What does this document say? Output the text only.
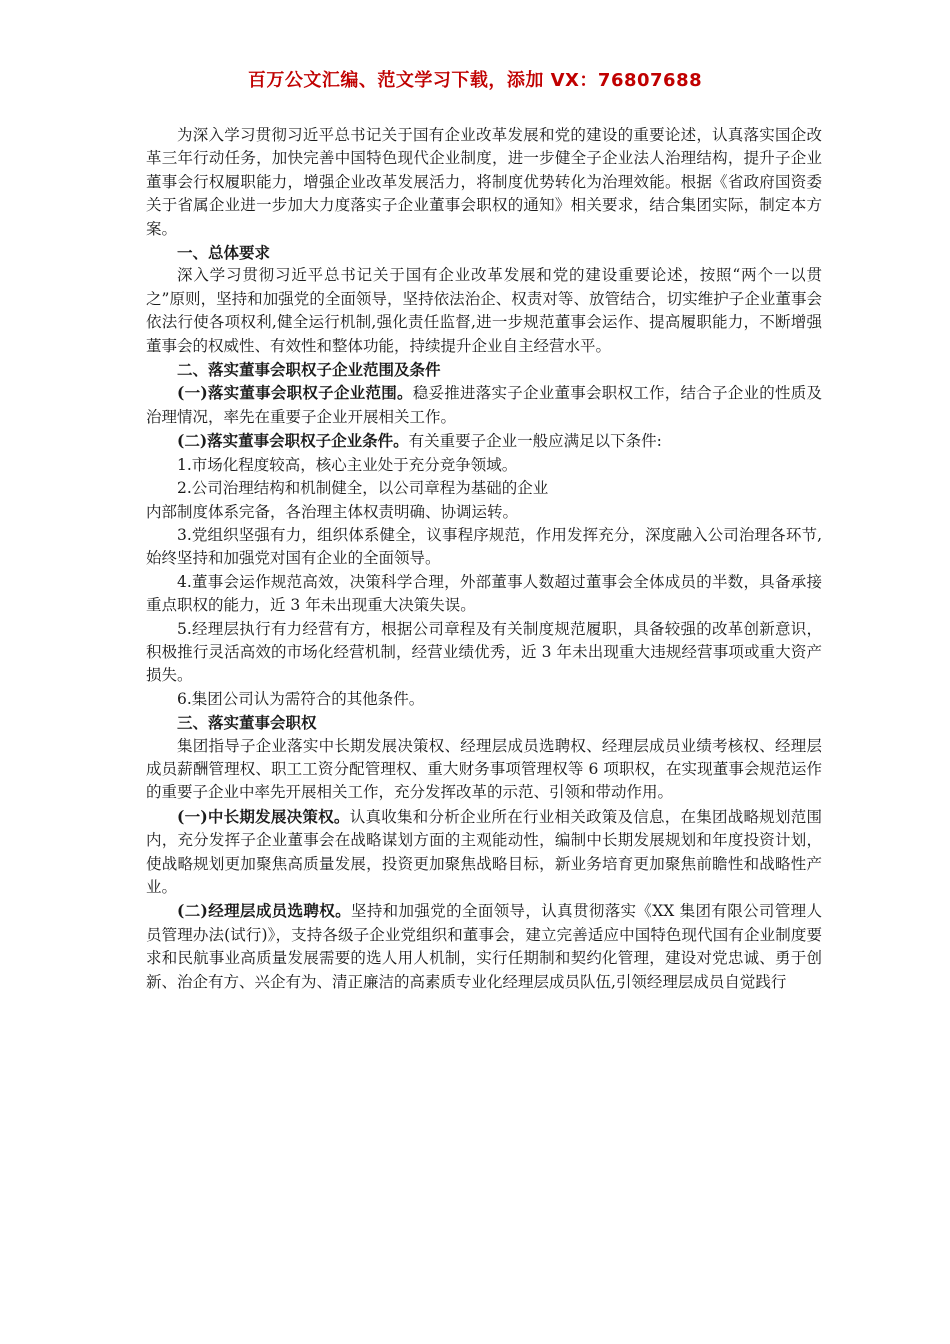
百万公文汇编、范文学习下载，添加 VX：76807688

为深入学习贯彻习近平总书记关于国有企业改革发展和党的建设的重要论述，认真落实国企改革三年行动任务，加快完善中国特色现代企业制度，进一步健全子企业法人治理结构，提升子企业董事会行权履职能力，增强企业改革发展活力，将制度优势转化为治理效能。根据《省政府国资委关于省属企业进一步加大力度落实子企业董事会职权的通知》相关要求，结合集团实际，制定本方案。

一、总体要求

深入学习贯彻习近平总书记关于国有企业改革发展和党的建设重要论述，按照“两个一以贯之”原则，坚持和加强党的全面领导，坚持依法治企、权责对等、放管结合，切实维护子企业董事会依法行使各项权利,健全运行机制,强化责任监督,进一步规范董事会运作、提高履职能力，不断增强董事会的权威性、有效性和整体功能，持续提升企业自主经营水平。

二、落实董事会职权子企业范围及条件

(一)落实董事会职权子企业范围。稳妥推进落实子企业董事会职权工作，结合子企业的性质及治理情况，率先在重要子企业开展相关工作。

(二)落实董事会职权子企业条件。有关重要子企业一般应满足以下条件:

1.市场化程度较高，核心主业处于充分竞争领域。

2.公司治理结构和机制健全，以公司章程为基础的企业

内部制度体系完备，各治理主体权责明确、协调运转。

3.党组织坚强有力，组织体系健全，议事程序规范，作用发挥充分，深度融入公司治理各环节,始终坚持和加强党对国有企业的全面领导。

4.董事会运作规范高效，决策科学合理，外部董事人数超过董事会全体成员的半数，具备承接重点职权的能力，近 3 年未出现重大决策失误。

5.经理层执行有力经营有方，根据公司章程及有关制度规范履职，具备较强的改革创新意识，积极推行灵活高效的市场化经营机制，经营业绩优秀，近 3 年未出现重大违规经营事项或重大资产损失。

6.集团公司认为需符合的其他条件。

三、落实董事会职权

集团指导子企业落实中长期发展决策权、经理层成员选聘权、经理层成员业绩考核权、经理层成员薪酬管理权、职工工资分配管理权、重大财务事项管理权等 6 项职权，在实现董事会规范运作的重要子企业中率先开展相关工作，充分发挥改革的示范、引领和带动作用。

(一)中长期发展决策权。认真收集和分析企业所在行业相关政策及信息，在集团战略规划范围内，充分发挥子企业董事会在战略谋划方面的主观能动性，编制中长期发展规划和年度投资计划，使战略规划更加聚焦高质量发展，投资更加聚焦战略目标，新业务培育更加聚焦前瞻性和战略性产业。

(二)经理层成员选聘权。坚持和加强党的全面领导，认真贯彻落实《XX 集团有限公司管理人员管理办法(试行)》，支持各级子企业党组织和董事会，建立完善适应中国特色现代国有企业制度要求和民航事业高质量发展需要的选人用人机制，实行任期制和契约化管理，建设对党忠诚、勇于创新、治企有方、兴企有为、清正廉洁的高素质专业化经理层成员队伍,引领经理层成员自觉践行
